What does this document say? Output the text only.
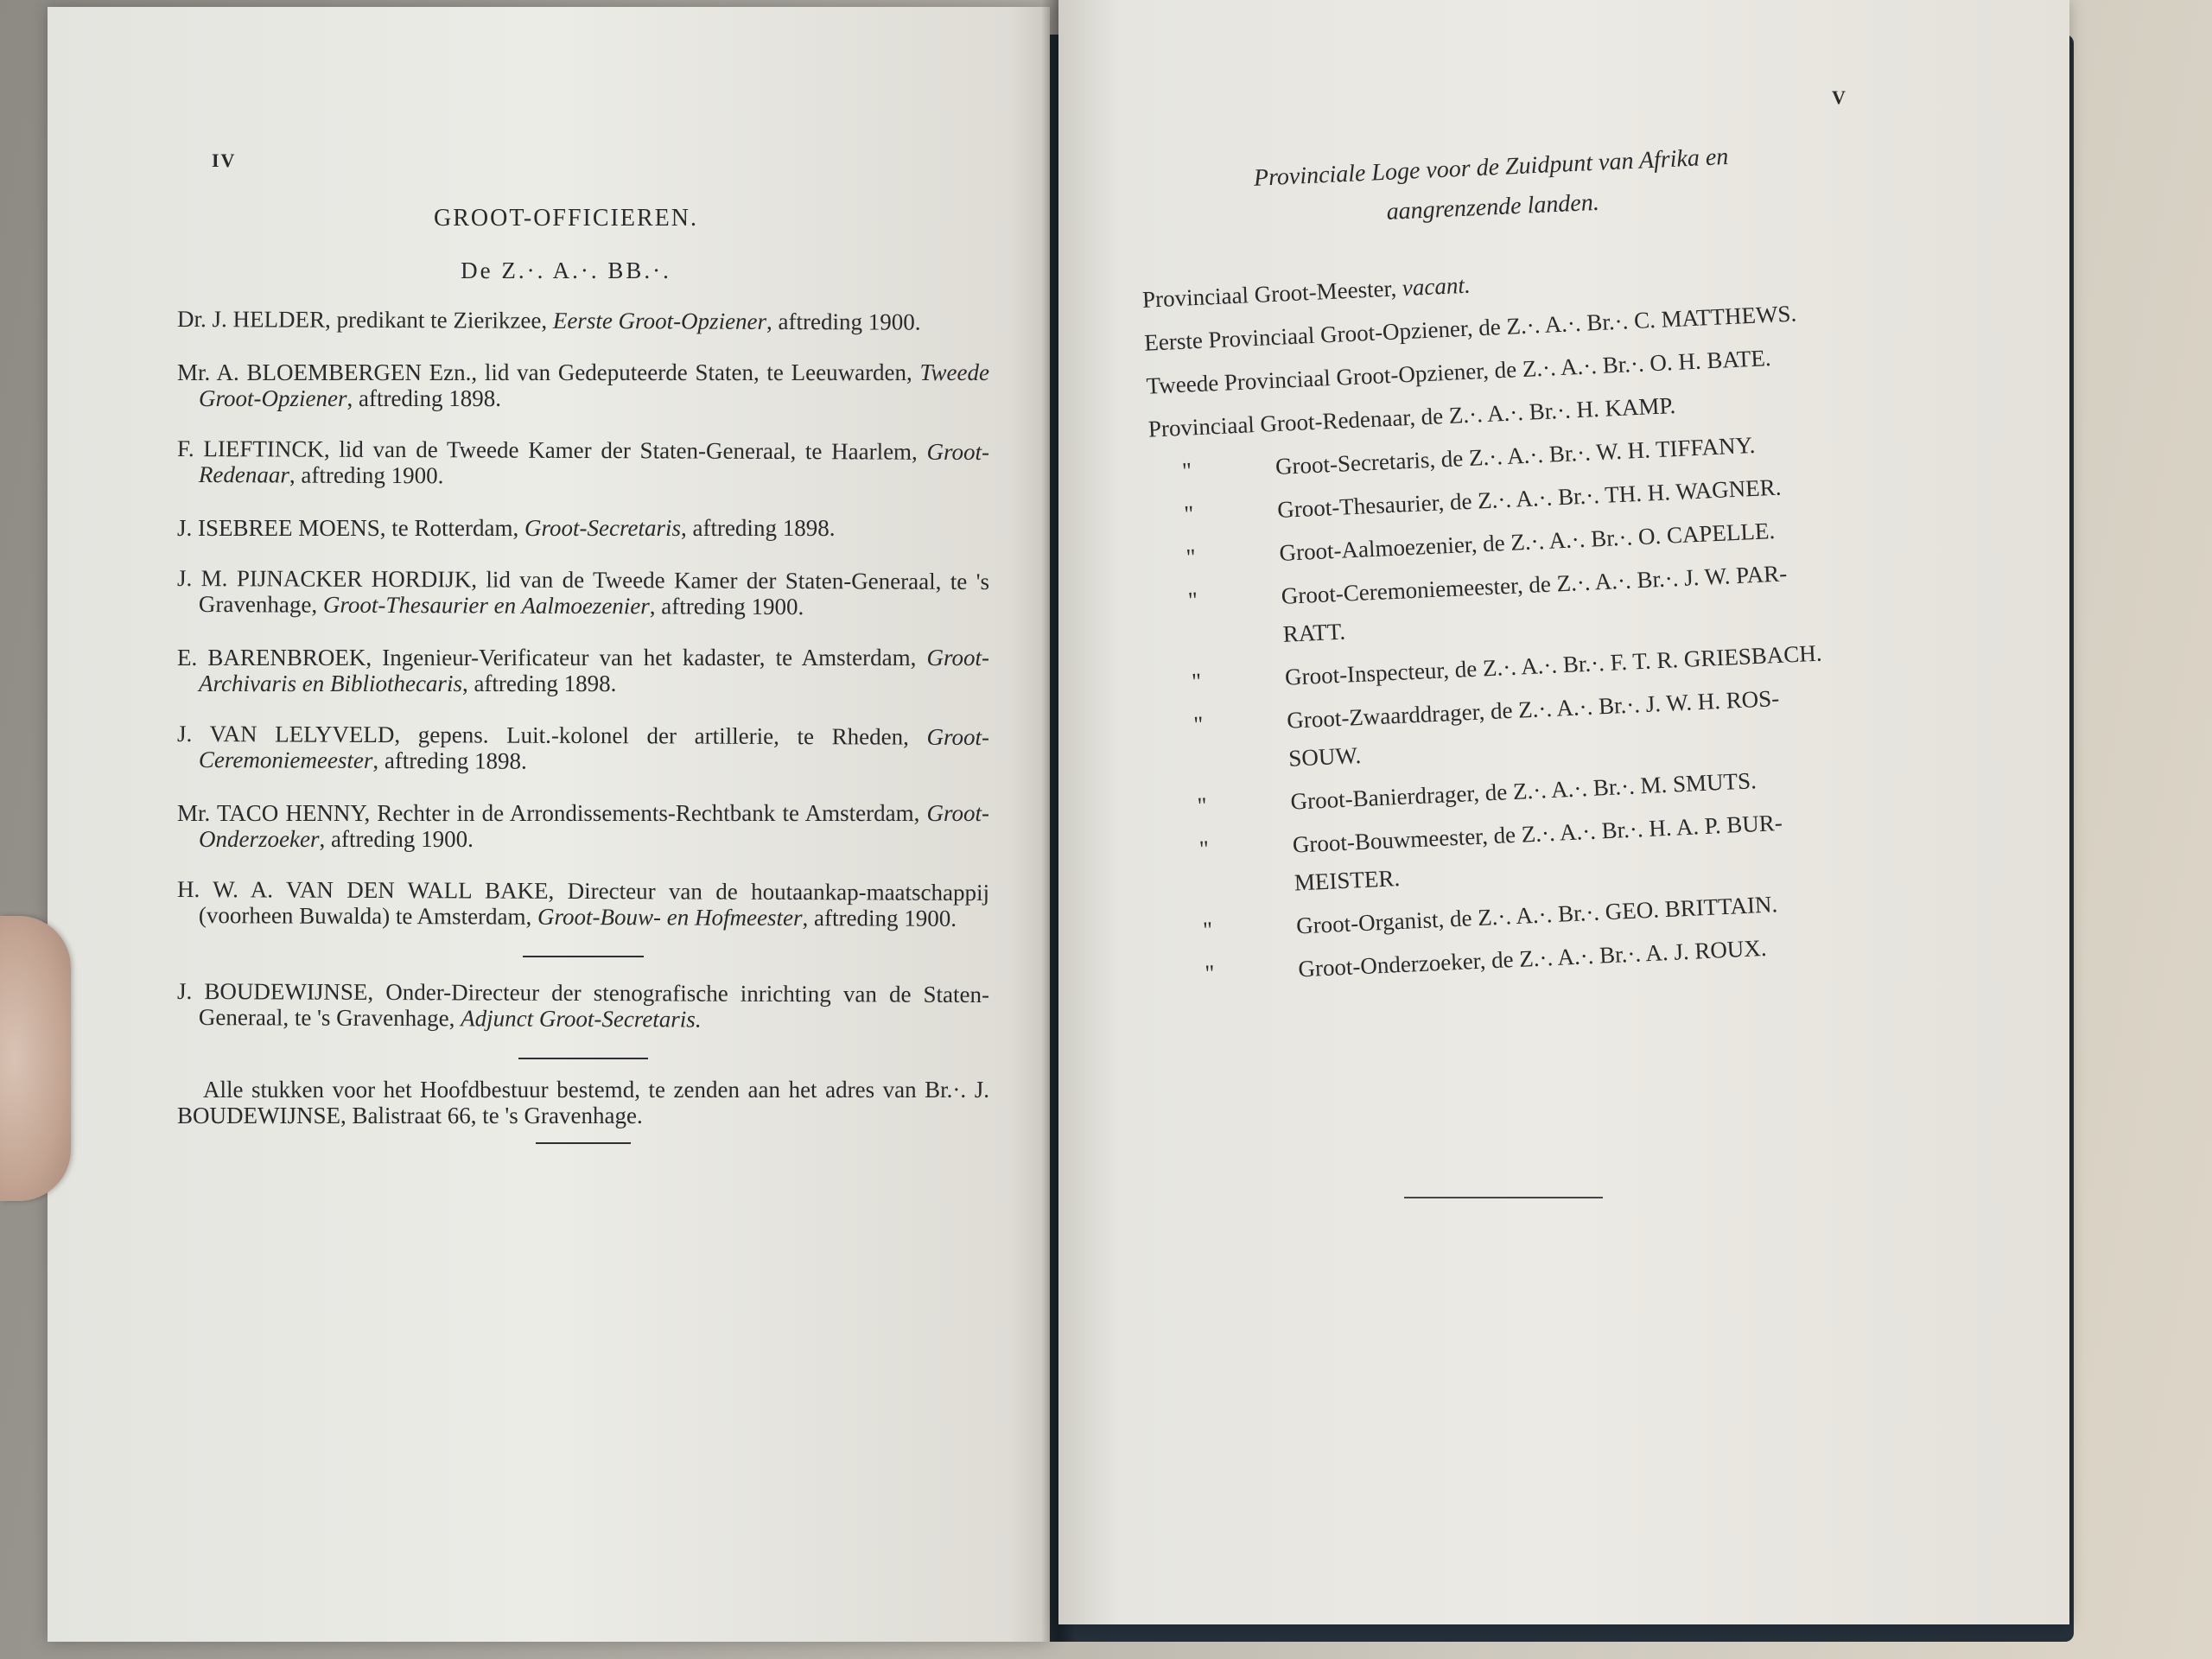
IV
GROOT-OFFICIEREN.
De Z.·. A.·. BB.·.
Dr. J. HELDER, predikant te Zierikzee, Eerste Groot-Opziener, aftreding 1900.
Mr. A. BLOEMBERGEN Ezn., lid van Gedeputeerde Staten, te Leeuwarden, Tweede Groot-Opziener, aftreding 1898.
F. LIEFTINCK, lid van de Tweede Kamer der Staten-Generaal, te Haarlem, Groot-Redenaar, aftreding 1900.
J. ISEBREE MOENS, te Rotterdam, Groot-Secretaris, aftreding 1898.
J. M. PIJNACKER HORDIJK, lid van de Tweede Kamer der Staten-Generaal, te 's Gravenhage, Groot-Thesaurier en Aalmoezenier, aftreding 1900.
E. BARENBROEK, Ingenieur-Verificateur van het kadaster, te Amsterdam, Groot-Archivaris en Bibliothecaris, aftreding 1898.
J. VAN LELYVELD, gepens. Luit.-kolonel der artillerie, te Rheden, Groot-Ceremoniemeester, aftreding 1898.
Mr. TACO HENNY, Rechter in de Arrondissements-Rechtbank te Amsterdam, Groot-Onderzoeker, aftreding 1900.
H. W. A. VAN DEN WALL BAKE, Directeur van de houtaankap-maatschappij (voorheen Buwalda) te Amsterdam, Groot-Bouw- en Hofmeester, aftreding 1900.
J. BOUDEWIJNSE, Onder-Directeur der stenografische inrichting van de Staten-Generaal, te 's Gravenhage, Adjunct Groot-Secretaris.
Alle stukken voor het Hoofdbestuur bestemd, te zenden aan het adres van Br.·. J. BOUDEWIJNSE, Balistraat 66, te 's Gravenhage.
V
Provinciale Loge voor de Zuidpunt van Afrika en
aangrenzende landen.
Provinciaal Groot-Meester, vacant.
Eerste Provinciaal Groot-Opziener, de Z.·. A.·. Br.·. C. MATTHEWS.
Tweede Provinciaal Groot-Opziener, de Z.·. A.·. Br.·. O. H. BATE.
Provinciaal Groot-Redenaar, de Z.·. A.·. Br.·. H. KAMP.
"	Groot-Secretaris, de Z.·. A.·. Br.·. W. H. TIFFANY.
"	Groot-Thesaurier, de Z.·. A.·. Br.·. TH. H. WAGNER.
"	Groot-Aalmoezenier, de Z.·. A.·. Br.·. O. CAPELLE.
"	Groot-Ceremoniemeester, de Z.·. A.·. Br.·. J. W. PAR-
RATT.
"	Groot-Inspecteur, de Z.·. A.·. Br.·. F. T. R. GRIESBACH.
"	Groot-Zwaarddrager, de Z.·. A.·. Br.·. J. W. H. ROS-
SOUW.
"	Groot-Banierdrager, de Z.·. A.·. Br.·. M. SMUTS.
"	Groot-Bouwmeester, de Z.·. A.·. Br.·. H. A. P. BUR-
MEISTER.
"	Groot-Organist, de Z.·. A.·. Br.·. GEO. BRITTAIN.
"	Groot-Onderzoeker, de Z.·. A.·. Br.·. A. J. ROUX.
